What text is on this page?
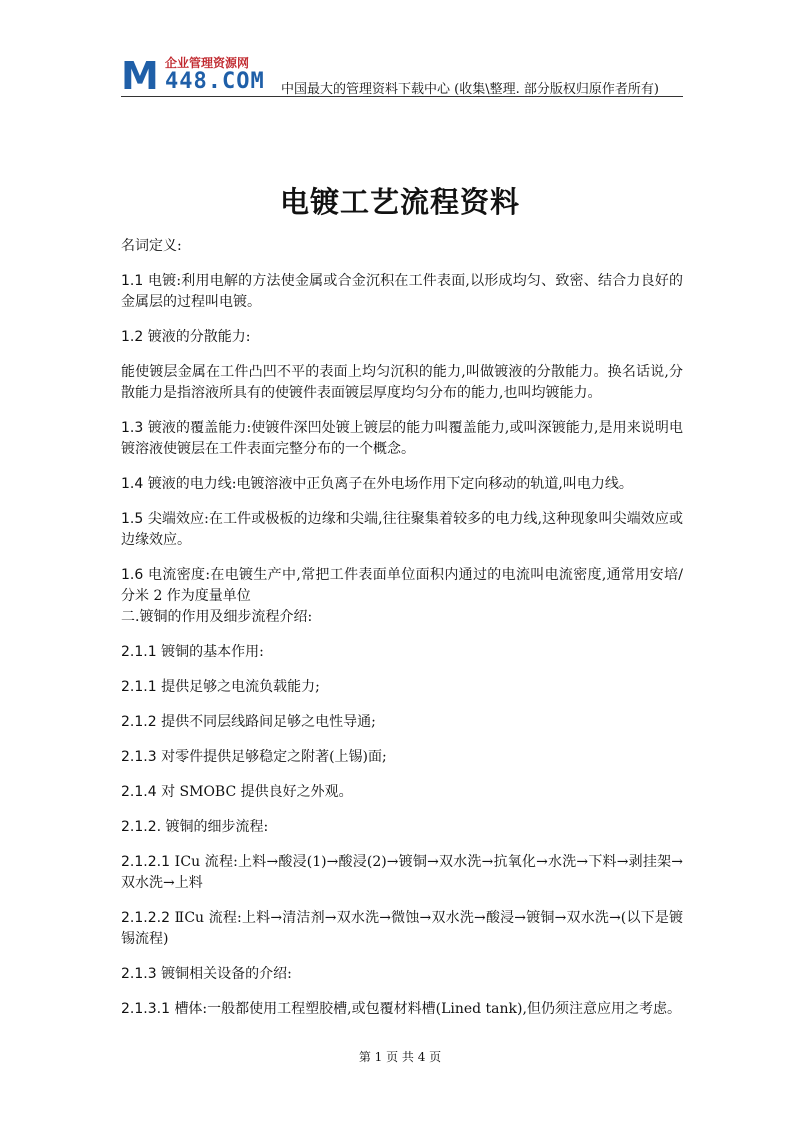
M 企业管理资源网
448.COM 中国最大的管理资料下载中心 (收集\整理. 部分版权归原作者所有)
电镀工艺流程资料

名词定义:

1.1 电镀:利用电解的方法使金属或合金沉积在工件表面,以形成均匀、致密、结合力良好的金属层的过程叫电镀。

1.2 镀液的分散能力:

能使镀层金属在工件凸凹不平的表面上均匀沉积的能力,叫做镀液的分散能力。换名话说,分散能力是指溶液所具有的使镀件表面镀层厚度均匀分布的能力,也叫均镀能力。

1.3 镀液的覆盖能力:使镀件深凹处镀上镀层的能力叫覆盖能力,或叫深镀能力,是用来说明电镀溶液使镀层在工件表面完整分布的一个概念。

1.4 镀液的电力线:电镀溶液中正负离子在外电场作用下定向移动的轨道,叫电力线。

1.5 尖端效应:在工件或极板的边缘和尖端,往往聚集着较多的电力线,这种现象叫尖端效应或边缘效应。

1.6 电流密度:在电镀生产中,常把工件表面单位面积内通过的电流叫电流密度,通常用安培/分米 2 作为度量单位

二.镀铜的作用及细步流程介绍:

2.1.1 镀铜的基本作用:

2.1.1 提供足够之电流负载能力;

2.1.2 提供不同层线路间足够之电性导通;

2.1.3 对零件提供足够稳定之附著(上锡)面;

2.1.4 对 SMOBC 提供良好之外观。

2.1.2. 镀铜的细步流程:

2.1.2.1 ⅠCu 流程:上料→酸浸(1)→酸浸(2)→镀铜→双水洗→抗氧化→水洗→下料→剥挂架→双水洗→上料

2.1.2.2 ⅡCu 流程:上料→清洁剂→双水洗→微蚀→双水洗→酸浸→镀铜→双水洗→(以下是镀锡流程)

2.1.3 镀铜相关设备的介绍:

2.1.3.1 槽体:一般都使用工程塑胶槽,或包覆材料槽(Lined tank),但仍须注意应用之考虑。

第 1 页 共 4 页
